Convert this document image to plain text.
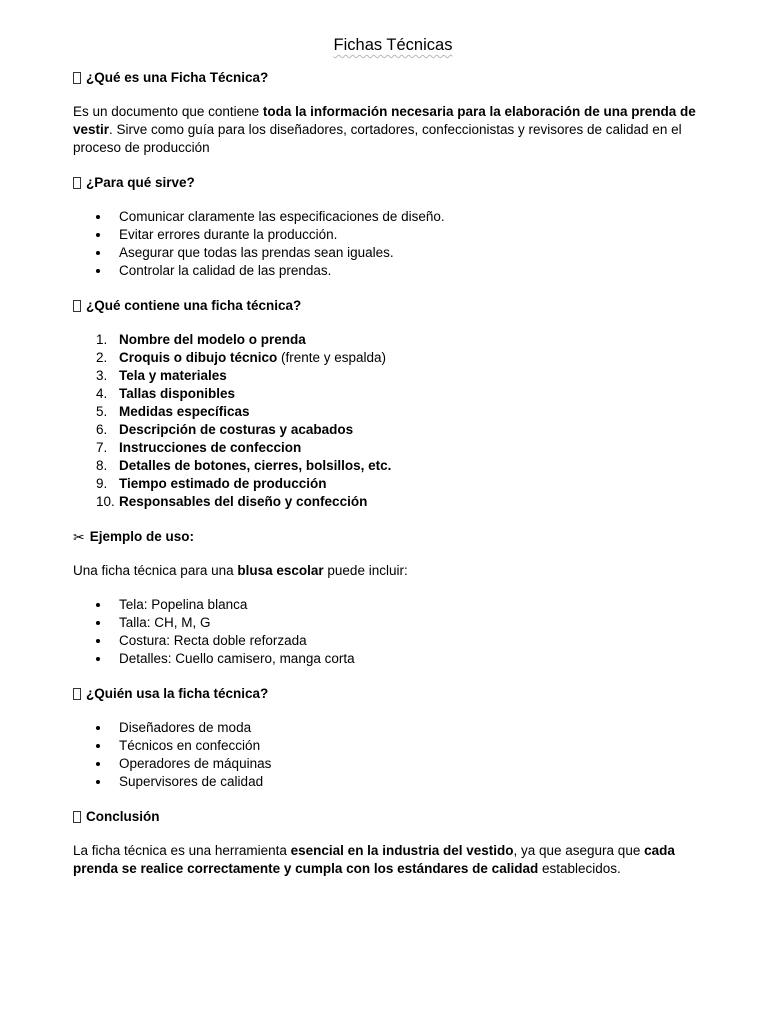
Fichas Técnicas
¿Qué es una Ficha Técnica?

Es un documento que contiene toda la información necesaria para la elaboración de una prenda de vestir. Sirve como guía para los diseñadores, cortadores, confeccionistas y revisores de calidad en el proceso de producción

¿Para qué sirve?
Comunicar claramente las especificaciones de diseño.
Evitar errores durante la producción.
Asegurar que todas las prendas sean iguales.
Controlar la calidad de las prendas.
¿Qué contiene una ficha técnica?
1. Nombre del modelo o prenda
2. Croquis o dibujo técnico (frente y espalda)
3. Tela y materiales
4. Tallas disponibles
5. Medidas específicas
6. Descripción de costuras y acabados
7. Instrucciones de confeccion
8. Detalles de botones, cierres, bolsillos, etc.
9. Tiempo estimado de producción
10. Responsables del diseño y confección
✂ Ejemplo de uso:

Una ficha técnica para una blusa escolar puede incluir:

Tela: Popelina blanca
Talla: CH, M, G
Costura: Recta doble reforzada
Detalles: Cuello camisero, manga corta
¿Quién usa la ficha técnica?
Diseñadores de moda
Técnicos en confección
Operadores de máquinas
Supervisores de calidad
Conclusión

La ficha técnica es una herramienta esencial en la industria del vestido, ya que asegura que cada prenda se realice correctamente y cumpla con los estándares de calidad establecidos.
